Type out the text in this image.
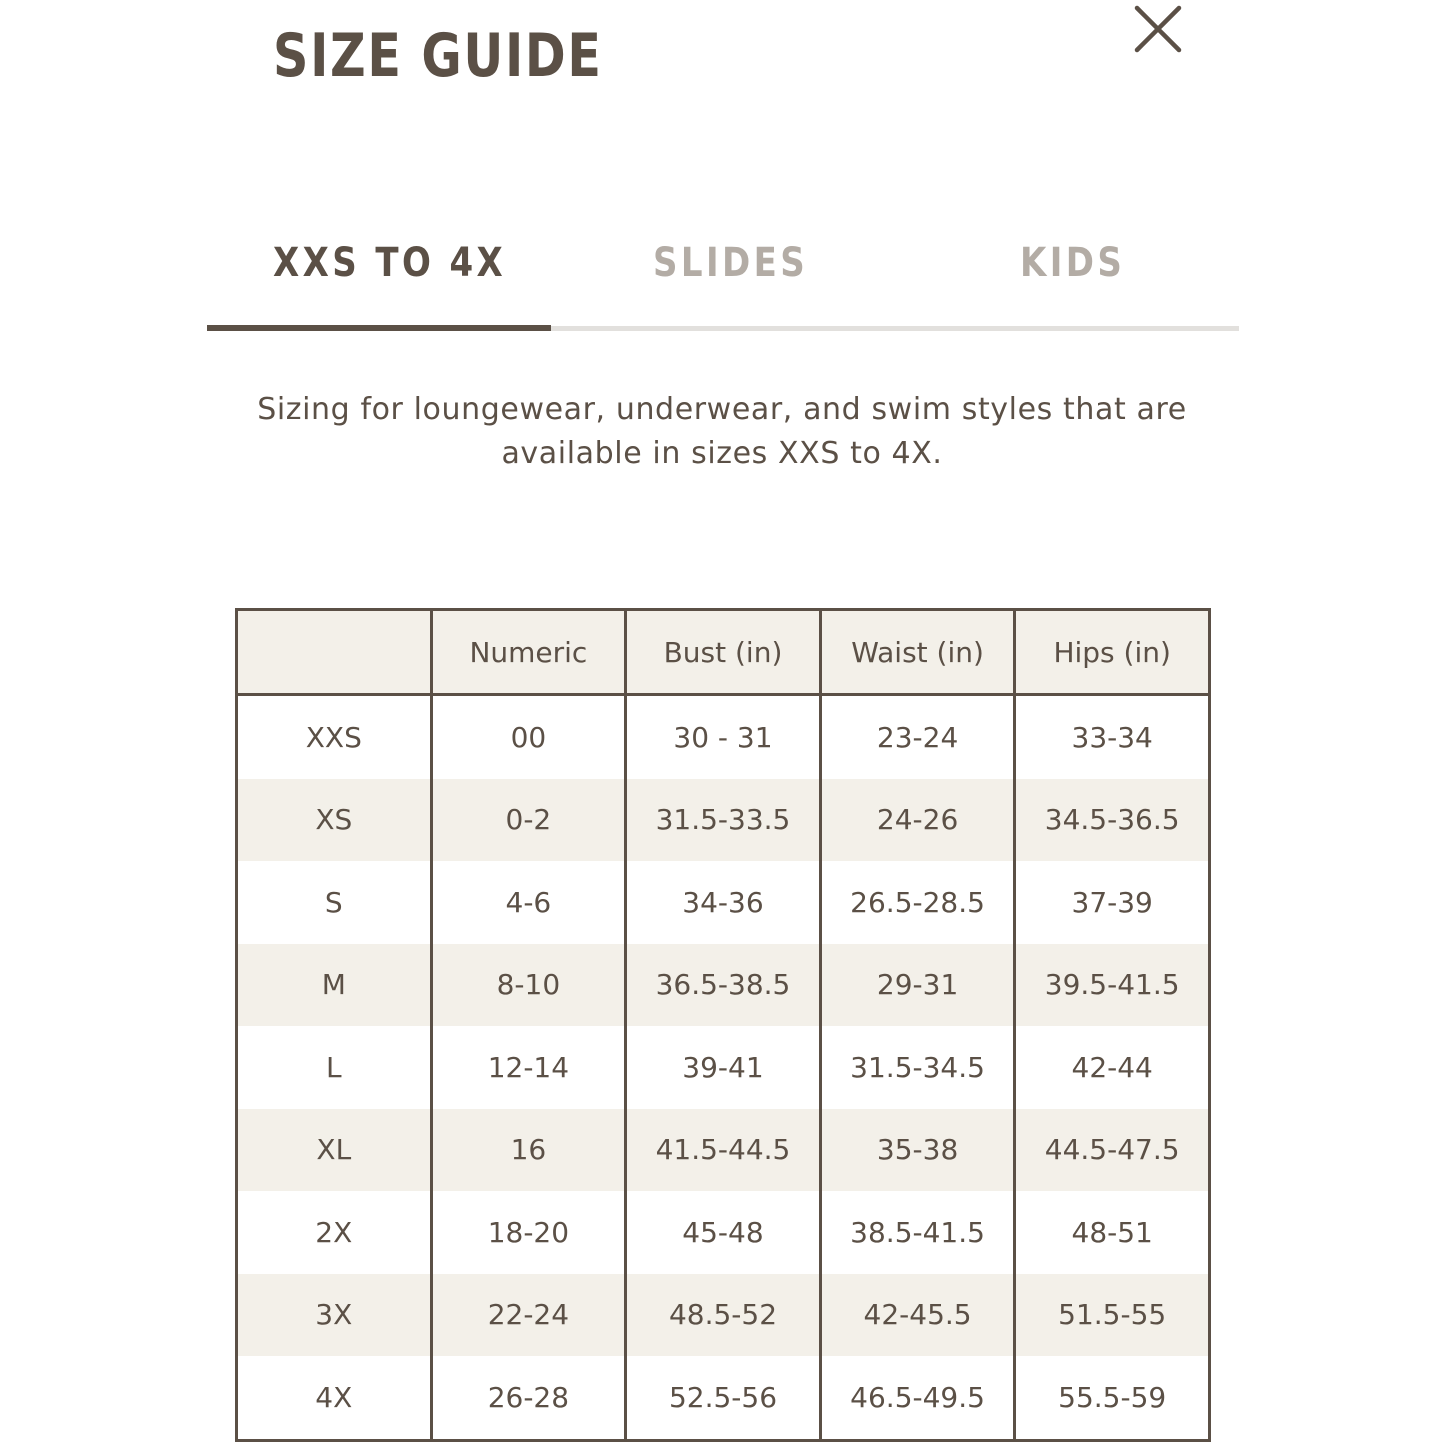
SIZE GUIDE
XXS TO 4X	SLIDES	KIDS

Sizing for loungewear, underwear, and swim styles that are available in sizes XXS to 4X.

	Numeric	Bust (in)	Waist (in)	Hips (in)
XXS	00	30 - 31	23-24	33-34
XS	0-2	31.5-33.5	24-26	34.5-36.5
S	4-6	34-36	26.5-28.5	37-39
M	8-10	36.5-38.5	29-31	39.5-41.5
L	12-14	39-41	31.5-34.5	42-44
XL	16	41.5-44.5	35-38	44.5-47.5
2X	18-20	45-48	38.5-41.5	48-51
3X	22-24	48.5-52	42-45.5	51.5-55
4X	26-28	52.5-56	46.5-49.5	55.5-59
